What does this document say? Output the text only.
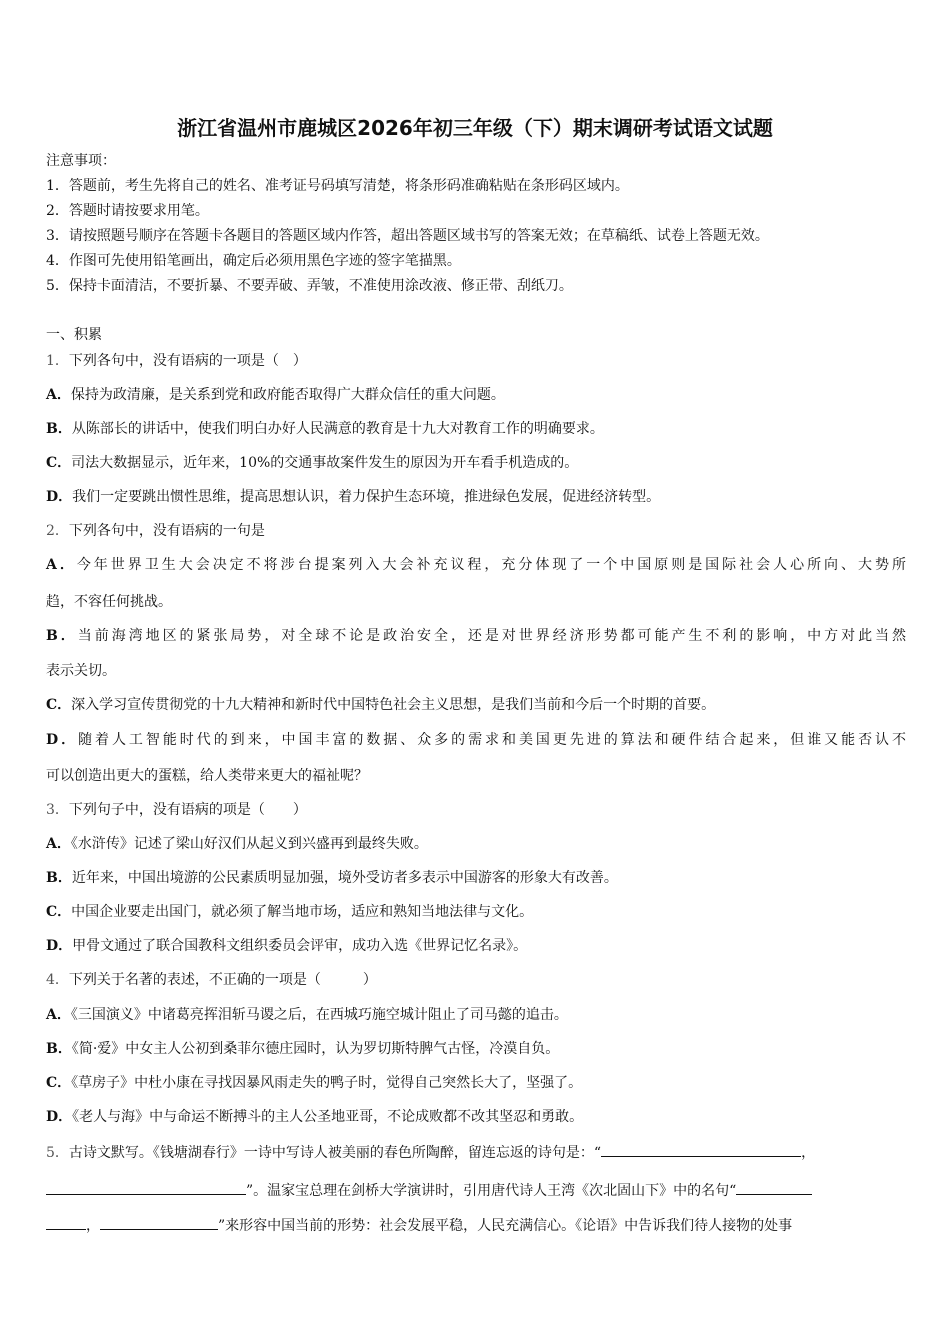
浙江省温州市鹿城区2026年初三年级（下）期末调研考试语文试题
注意事项：
1．答题前，考生先将自己的姓名、准考证号码填写清楚，将条形码准确粘贴在条形码区域内。
2．答题时请按要求用笔。
3．请按照题号顺序在答题卡各题目的答题区域内作答，超出答题区域书写的答案无效；在草稿纸、试卷上答题无效。
4．作图可先使用铅笔画出，确定后必须用黑色字迹的签字笔描黑。
5．保持卡面清洁，不要折暴、不要弄破、弄皱，不准使用涂改液、修正带、刮纸刀。
一、积累
1．下列各句中，没有语病的一项是（　）
A．保持为政清廉，是关系到党和政府能否取得广大群众信任的重大问题。
B．从陈部长的讲话中，使我们明白办好人民满意的教育是十九大对教育工作的明确要求。
C．司法大数据显示，近年来，10%的交通事故案件发生的原因为开车看手机造成的。
D．我们一定要跳出惯性思维，提高思想认识，着力保护生态环境，推进绿色发展，促进经济转型。
2．下列各句中，没有语病的一句是
A．今年世界卫生大会决定不将涉台提案列入大会补充议程，充分体现了一个中国原则是国际社会人心所向、大势所
趋，不容任何挑战。
B．当前海湾地区的紧张局势，对全球不论是政治安全，还是对世界经济形势都可能产生不利的影响，中方对此当然
表示关切。
C．深入学习宣传贯彻党的十九大精神和新时代中国特色社会主义思想，是我们当前和今后一个时期的首要。
D．随着人工智能时代的到来，中国丰富的数据、众多的需求和美国更先进的算法和硬件结合起来，但谁又能否认不
可以创造出更大的蛋糕，给人类带来更大的福祉呢？
3．下列句子中，没有语病的项是（　　）
A．《水浒传》记述了梁山好汉们从起义到兴盛再到最终失败。
B．近年来，中国出境游的公民素质明显加强，境外受访者多表示中国游客的形象大有改善。
C．中国企业要走出国门，就必须了解当地市场，适应和熟知当地法律与文化。
D．甲骨文通过了联合国教科文组织委员会评审，成功入选《世界记忆名录》。
4．下列关于名著的表述，不正确的一项是（　　　）
A．《三国演义》中诸葛亮挥泪斩马谡之后，在西城巧施空城计阻止了司马懿的追击。
B．《简·爱》中女主人公初到桑菲尔德庄园时，认为罗切斯特脾气古怪，冷漠自负。
C．《草房子》中杜小康在寻找因暴风雨走失的鸭子时，觉得自己突然长大了，坚强了。
D．《老人与海》中与命运不断搏斗的主人公圣地亚哥，不论成败都不改其坚忍和勇敢。
5．古诗文默写。《钱塘湖春行》一诗中写诗人被美丽的春色所陶醉，留连忘返的诗句是：“	，
”。温家宝总理在剑桥大学演讲时，引用唐代诗人王湾《次北固山下》中的名句“
，	”来形容中国当前的形势：社会发展平稳，人民充满信心。《论语》中告诉我们待人接物的处事
